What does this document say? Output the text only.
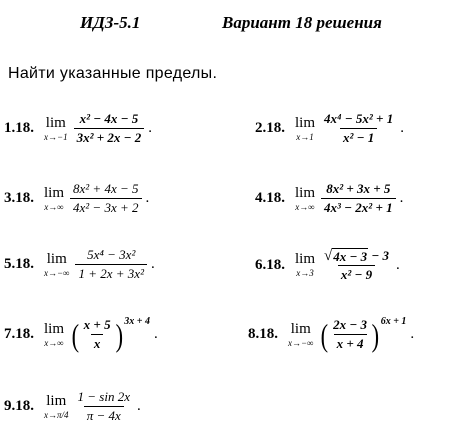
ИДЗ-5.1	Вариант 18 решения
Найти указанные пределы.
1.18. lim
$x\to-1 \frac{\text{x² − 4x − 5}}{\text{3x² + 2x − 2}}$ .	2.18. lim
$x\to 1 \frac{\text{4x⁴ − 5x² + 1}}{\text{x² − 1}}$ .
3.18. lim
$x\to\infty \frac{\text{8x² + 4x − 5}}{\text{4x² − 3x + 2}}$ .	4.18. lim
$x\to\infty \frac{\text{8x² + 3x + 5}}{\text{4x³ − 2x² + 1}}$ .
5.18. lim
$x\to-\infty \frac{\text{5x⁴ − 3x²}}{\text{1 + 2x + 3x²}}$ .	6.18. lim
$x\to 3 \frac{√ 4x - 3 - 3}{\text{x² − 9}}$ .
7.18. lim
x→∞ ( $\frac{x + 5}{x}$ ) 3x + 4
.	8.18. lim
x→−∞ ( $\frac{2x - 3}{x + 4}$ ) 6x + 1
.
9.18. lim
$x\to\pi/4 \frac{1 - \sin 2x}{\pi - 4x}$ .
